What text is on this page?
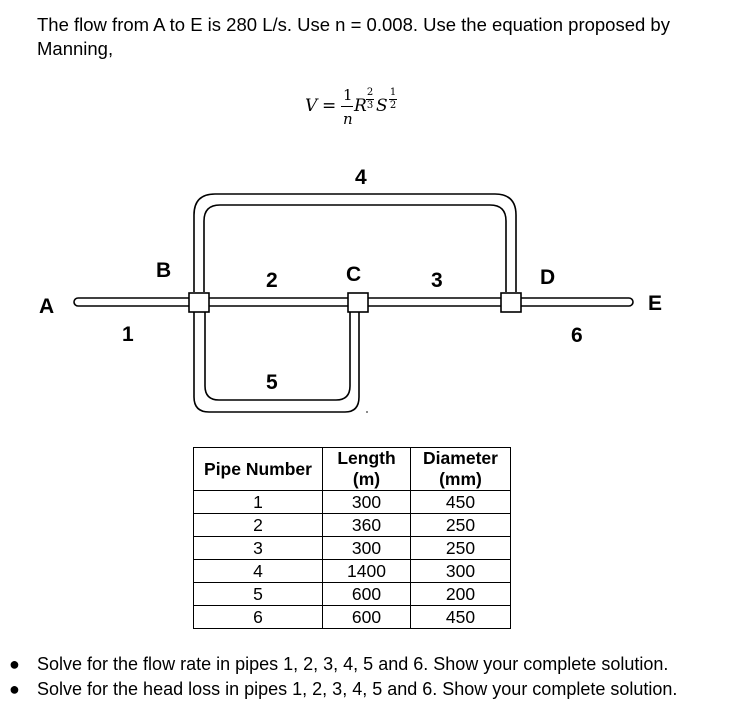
The flow from A to E is 280 L/s. Use n = 0.008. Use the equation proposed by Manning,
V =
1
n
R
2
3 S
1
2
A
B	C	D
E
1
2	3
4
5
6
Pipe Number	Length (m)	Diameter (mm)
1	300	450
2	360	250
3	300	250
4	1400	300
5	600	200
6	600	450
● Solve for the flow rate in pipes 1, 2, 3, 4, 5 and 6. Show your complete solution.
● Solve for the head loss in pipes 1, 2, 3, 4, 5 and 6. Show your complete solution.
